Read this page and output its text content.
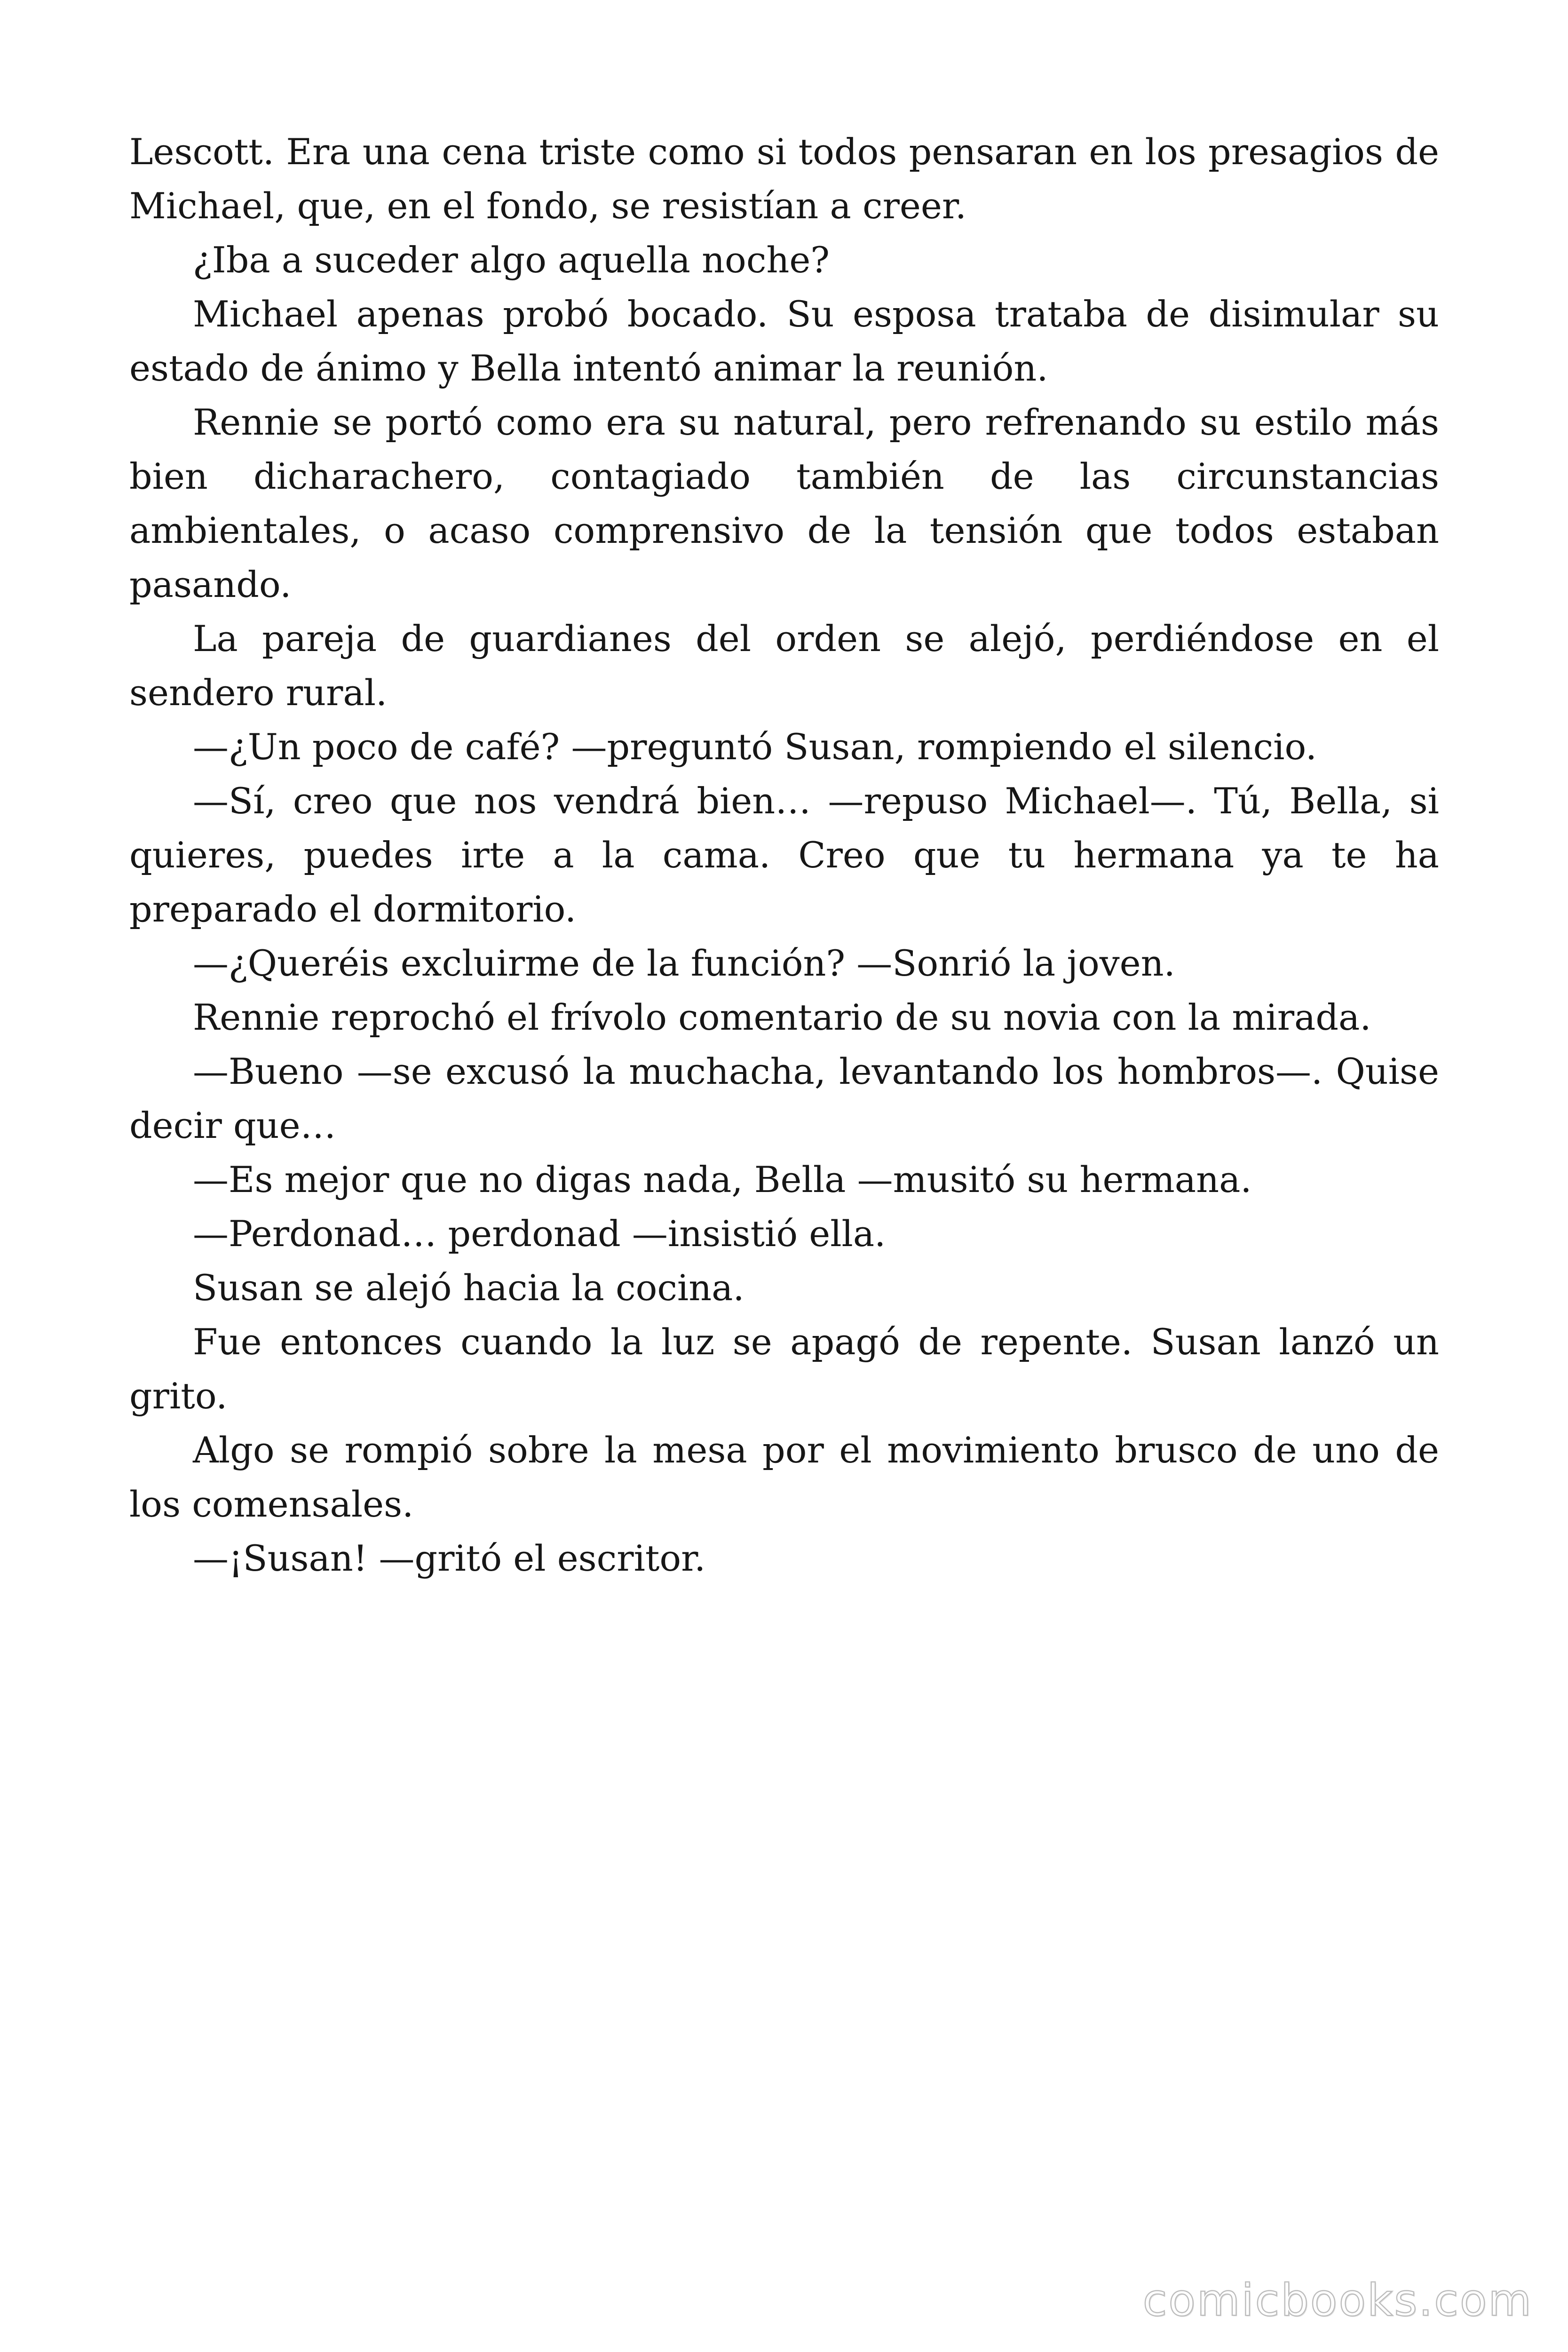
Lescott. Era una cena triste como si todos pensaran en los presagios de Michael, que, en el fondo, se resistían a creer.

¿Iba a suceder algo aquella noche?

Michael apenas probó bocado. Su esposa trataba de disimular su estado de ánimo y Bella intentó animar la reunión.

Rennie se portó como era su natural, pero refrenando su estilo más bien dicharachero, contagiado también de las circunstancias ambientales, o acaso comprensivo de la tensión que todos estaban pasando.

La pareja de guardianes del orden se alejó, perdiéndose en el sendero rural.

—¿Un poco de café? —preguntó Susan, rompiendo el silencio.

—Sí, creo que nos vendrá bien… —repuso Michael—. Tú, Bella, si quieres, puedes irte a la cama. Creo que tu hermana ya te ha preparado el dormitorio.

—¿Queréis excluirme de la función? —Sonrió la joven.

Rennie reprochó el frívolo comentario de su novia con la mirada.

—Bueno —se excusó la muchacha, levantando los hombros—. Quise decir que…

—Es mejor que no digas nada, Bella —musitó su hermana.

—Perdonad… perdonad —insistió ella.

Susan se alejó hacia la cocina.

Fue entonces cuando la luz se apagó de repente. Susan lanzó un grito.

Algo se rompió sobre la mesa por el movimiento brusco de uno de los comensales.

—¡Susan! —gritó el escritor.

comicbooks.com
